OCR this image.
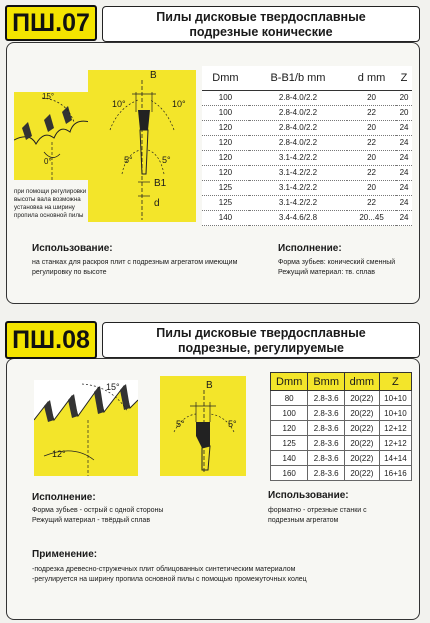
ПШ.07	Пилы дисковые твердосплавные
подрезные конические
15°
0°
при помощи регулировки
высоты вала возможна
установка на ширину
пропила основной пилы
B
10°	10°
5°	5°
B1
d
Dmm	B-B1/b mm	d mm	Z
100	2.8-4.0/2.2	20	20
100	2.8-4.0/2.2	22	20
120	2.8-4.0/2.2	20	24
120	2.8-4.0/2.2	22	24
120	3.1-4.2/2.2	20	24
120	3.1-4.2/2.2	22	24
125	3.1-4.2/2.2	20	24
125	3.1-4.2/2.2	22	24
140	3.4-4.6/2.8	20...45	24
Использование:
на станках для раскроя плит с подрезным агрегатом имеющим
регулировку по высоте
Исполнение:
Форма зубьев: конический сменный
Режущий материал: тв. сплав
ПШ.08	Пилы дисковые твердосплавные
подрезные, регулируемые
15°
12°
B
5°	5°
Dmm	Bmm	dmm	Z
80	2.8-3.6	20(22)	10+10
100	2.8-3.6	20(22)	10+10
120	2.8-3.6	20(22)	12+12
125	2.8-3.6	20(22)	12+12
140	2.8-3.6	20(22)	14+14
160	2.8-3.6	20(22)	16+16
Исполнение:
Форма зубьев - острый с одной стороны
Режущий материал - твёрдый сплав
Использование:
форматно - отрезные станки с
подрезным агрегатом
Применение:
-подрезка древесно-стружечных плит облицованных синтетическим материалом
-регулируется на ширину пропила основной пилы с помощью промежуточных колец
